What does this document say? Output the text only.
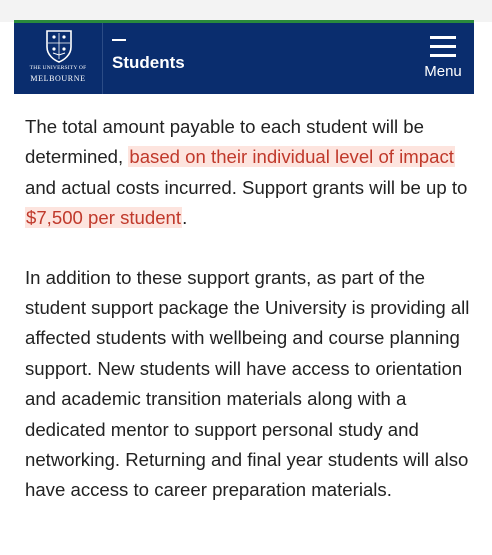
THE UNIVERSITY OF
MELBOURNE
Students	Menu

The total amount payable to each student will be determined, based on their individual level of impact and actual costs incurred. Support grants will be up to $7,500 per student.

In addition to these support grants, as part of the student support package the University is providing all affected students with wellbeing and course planning support. New students will have access to orientation and academic transition materials along with a dedicated mentor to support personal study and networking. Returning and final year students will also have access to career preparation materials.
